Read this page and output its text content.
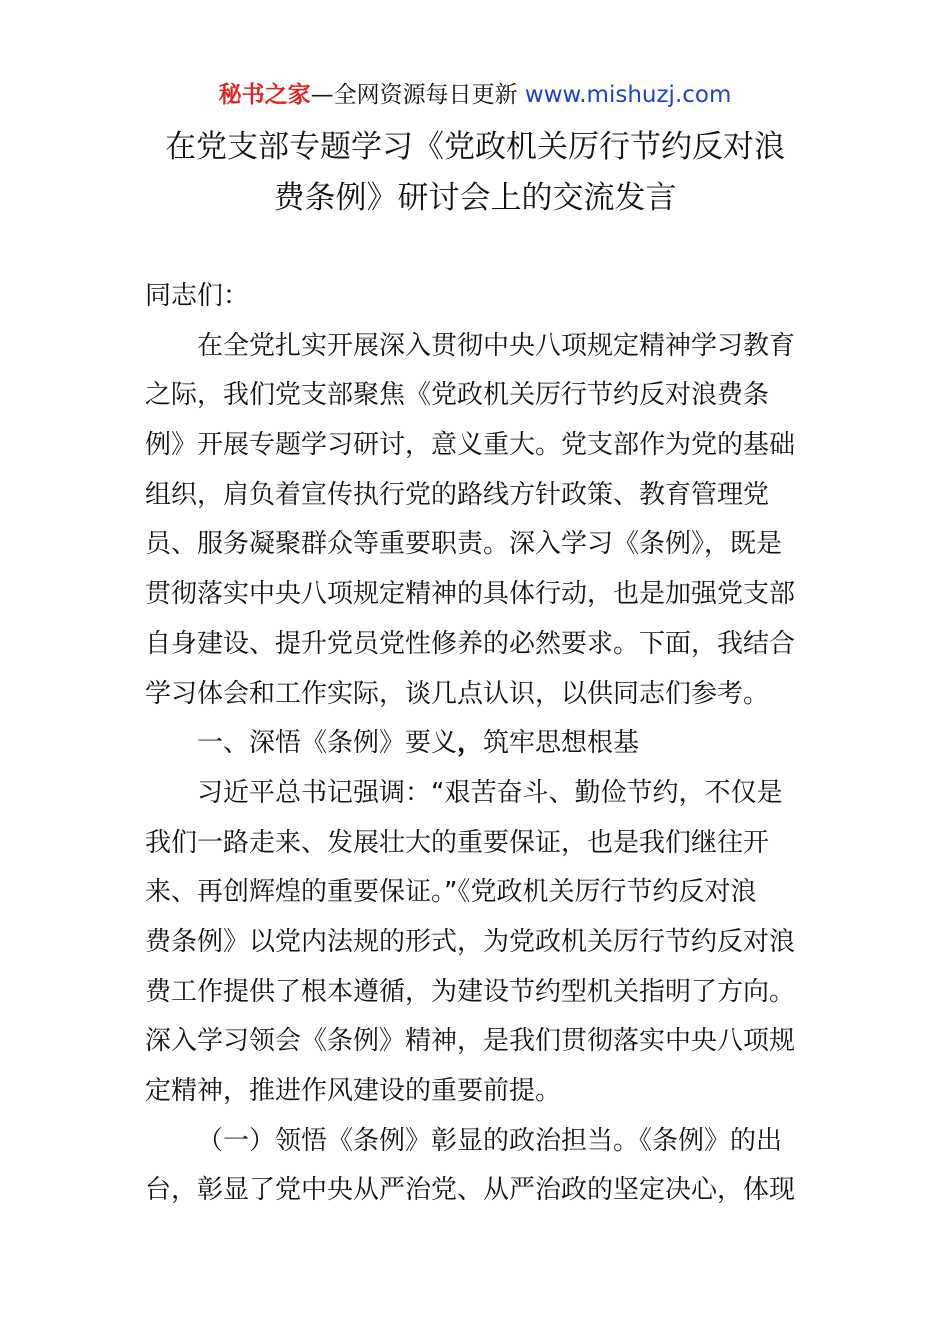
秘书之家—全网资源每日更新 www.mishuzj.com
在党支部专题学习《党政机关厉行节约反对浪
费条例》研讨会上的交流发言
同志们：
在全党扎实开展深入贯彻中央八项规定精神学习教育
之际，我们党支部聚焦《党政机关厉行节约反对浪费条
例》开展专题学习研讨，意义重大。党支部作为党的基础
组织，肩负着宣传执行党的路线方针政策、教育管理党
员、服务凝聚群众等重要职责。深入学习《条例》，既是
贯彻落实中央八项规定精神的具体行动，也是加强党支部
自身建设、提升党员党性修养的必然要求。下面，我结合
学习体会和工作实际，谈几点认识，以供同志们参考。
一、深悟《条例》要义，筑牢思想根基
习近平总书记强调：“艰苦奋斗、勤俭节约，不仅是
我们一路走来、发展壮大的重要保证，也是我们继往开
来、再创辉煌的重要保证。”《党政机关厉行节约反对浪
费条例》以党内法规的形式，为党政机关厉行节约反对浪
费工作提供了根本遵循，为建设节约型机关指明了方向。
深入学习领会《条例》精神，是我们贯彻落实中央八项规
定精神，推进作风建设的重要前提。
（一）领悟《条例》彰显的政治担当。《条例》的出
台，彰显了党中央从严治党、从严治政的坚定决心，体现
